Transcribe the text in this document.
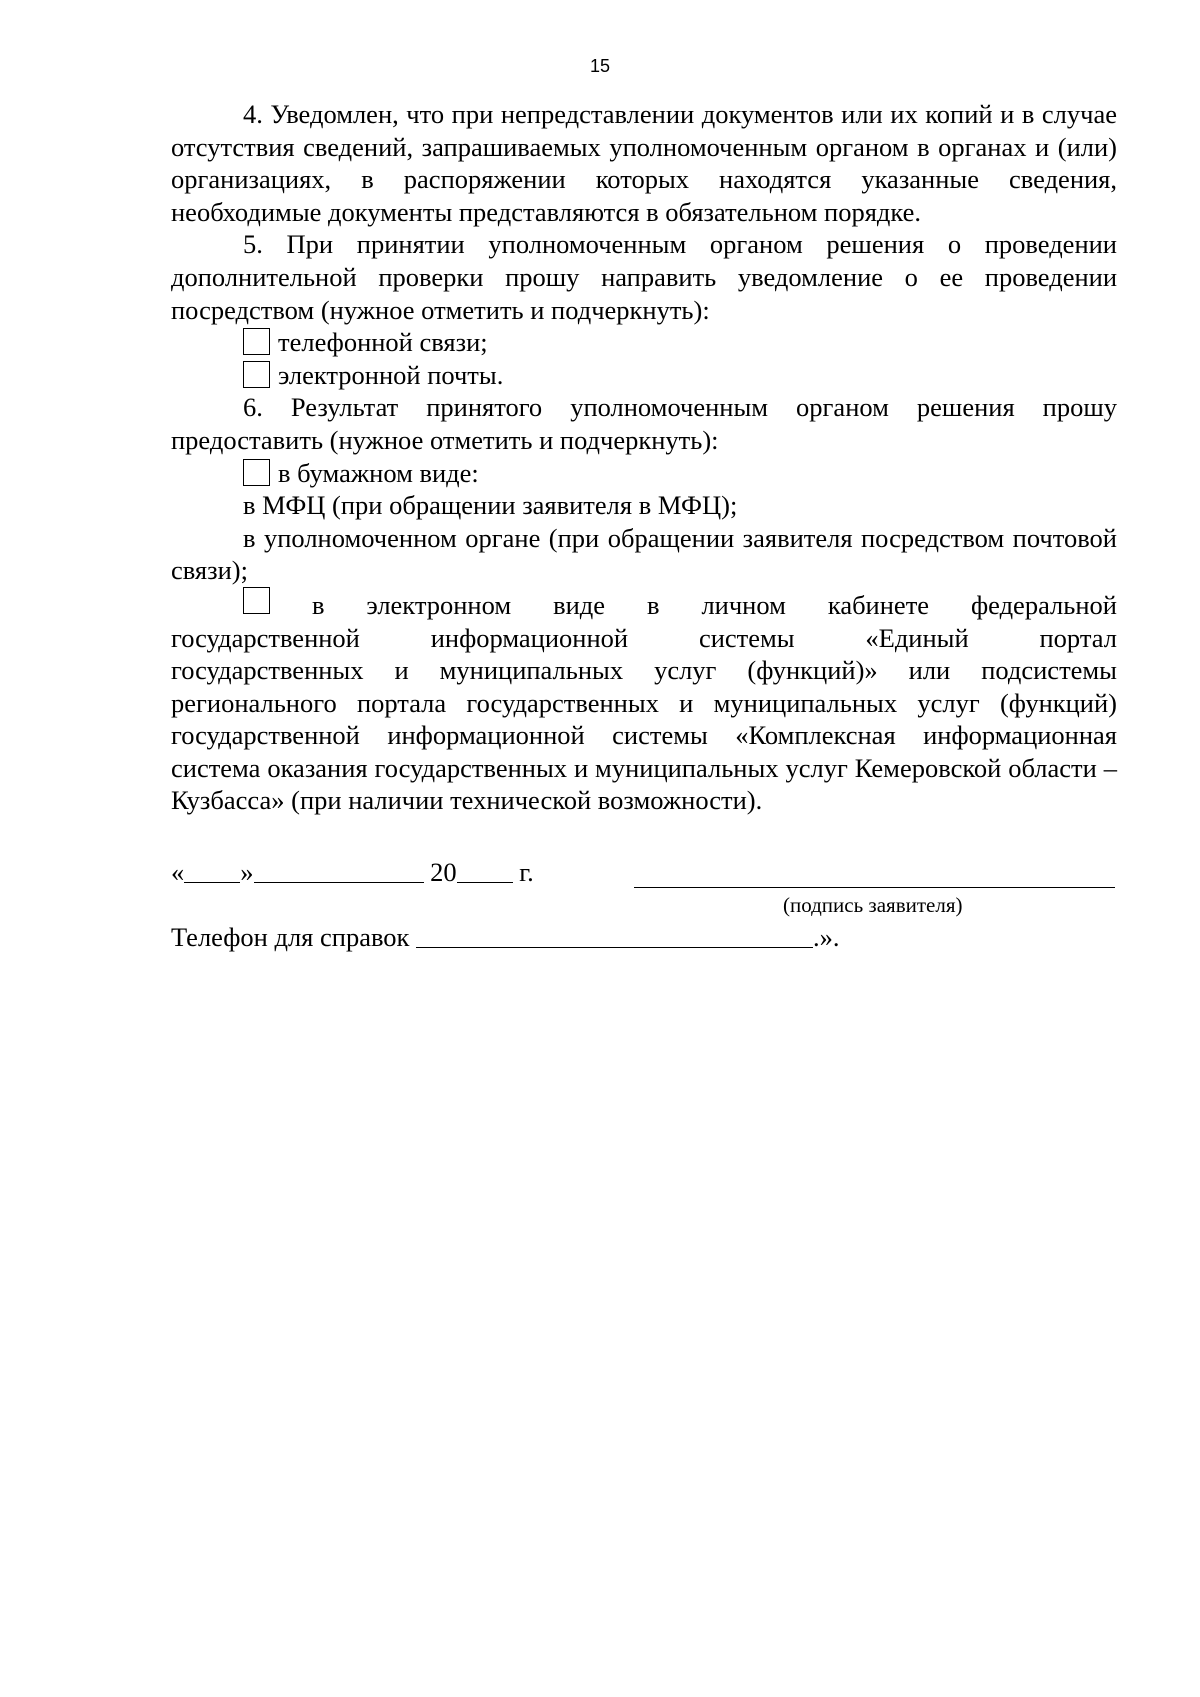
15

4. Уведомлен, что при непредставлении документов или их копий и в случае отсутствия сведений, запрашиваемых уполномоченным органом в органах и (или) организациях, в распоряжении которых находятся указанные сведения, необходимые документы представляются в обязательном порядке.

5. При принятии уполномоченным органом решения о проведении дополнительной проверки прошу направить уведомление о ее проведении посредством (нужное отметить и подчеркнуть):

телефонной связи;

электронной почты.

6. Результат принятого уполномоченным органом решения прошу предоставить (нужное отметить и подчеркнуть):

в бумажном виде:

в МФЦ (при обращении заявителя в МФЦ);

в уполномоченном органе (при обращении заявителя посредством почтовой связи);

в электронном виде в личном кабинете федеральной
государственной	информационной	системы	«Единый	портал

государственных и муниципальных услуг (функций)» или подсистемы регионального портала государственных и муниципальных услуг (функций) государственной информационной системы «Комплексная информационная система оказания государственных и муниципальных услуг Кемеровской области – Кузбасса» (при наличии технической возможности).

« »	20 г.
(подпись заявителя)
Телефон для справок	.».
